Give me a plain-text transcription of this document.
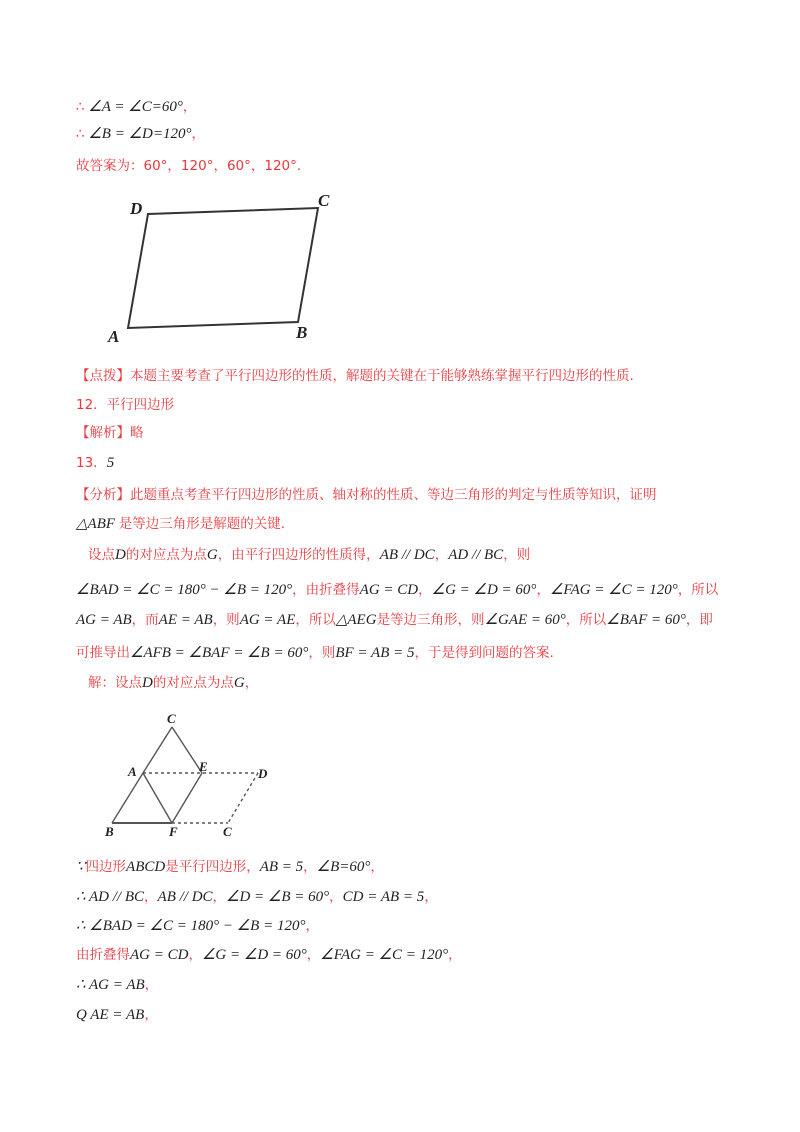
∴ ∠A = ∠C=60°，
∴ ∠B = ∠D=120°，
故答案为：60°，120°，60°，120°.
【点拨】本题主要考查了平行四边形的性质，解题的关键在于能够熟练掌握平行四边形的性质.
12．平行四边形
【解析】略
13．5
【分析】此题重点考查平行四边形的性质、轴对称的性质、等边三角形的判定与性质等知识，证明
△ABF 是等边三角形是解题的关键.
设点D的对应点为点G，由平行四边形的性质得，AB // DC，AD // BC，则
∠BAD = ∠C = 180° − ∠B = 120°，由折叠得AG = CD，∠G = ∠D = 60°，∠FAG = ∠C = 120°，所以
AG = AB，而AE = AB，则AG = AE，所以△AEG是等边三角形，则∠GAE = 60°，所以∠BAF = 60°，即
可推导出∠AFB = ∠BAF = ∠B = 60°，则BF = AB = 5，于是得到问题的答案.
解：设点D的对应点为点G，
∵四边形ABCD是平行四边形，AB = 5，∠B=60°，
∴ AD // BC，AB // DC，∠D = ∠B = 60°，CD = AB = 5，
∴ ∠BAD = ∠C = 180° − ∠B = 120°，
由折叠得AG = CD，∠G = ∠D = 60°，∠FAG = ∠C = 120°，
∴ AG = AB，
Q AE = AB，
D	C
A	B
C
A	E	D
B	F	C
